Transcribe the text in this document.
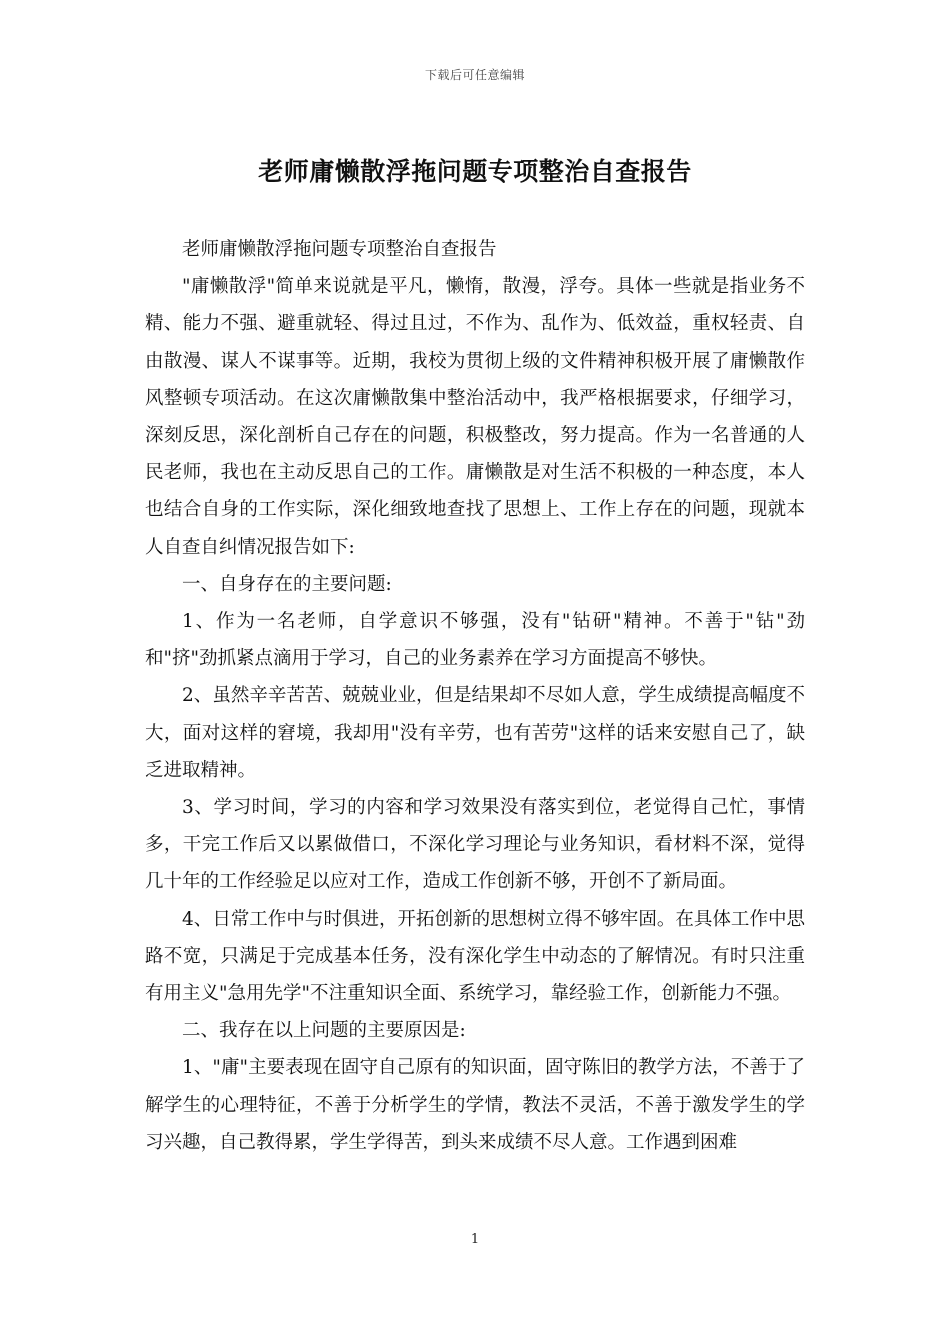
下载后可任意编辑
老师庸懒散浮拖问题专项整治自查报告

老师庸懒散浮拖问题专项整治自查报告

"庸懒散浮"简单来说就是平凡，懒惰，散漫，浮夸。具体一些就是指业务不精、能力不强、避重就轻、得过且过，不作为、乱作为、低效益，重权轻责、自由散漫、谋人不谋事等。近期，我校为贯彻上级的文件精神积极开展了庸懒散作风整顿专项活动。在这次庸懒散集中整治活动中，我严格根据要求，仔细学习，深刻反思，深化剖析自己存在的问题，积极整改，努力提高。作为一名普通的人民老师，我也在主动反思自己的工作。庸懒散是对生活不积极的一种态度，本人也结合自身的工作实际，深化细致地查找了思想上、工作上存在的问题，现就本人自查自纠情况报告如下:

一、自身存在的主要问题:

1、作为一名老师，自学意识不够强，没有"钻研"精神。不善于"钻"劲和"挤"劲抓紧点滴用于学习，自己的业务素养在学习方面提高不够快。

2、虽然辛辛苦苦、兢兢业业，但是结果却不尽如人意，学生成绩提高幅度不大，面对这样的窘境，我却用"没有辛劳，也有苦劳"这样的话来安慰自己了，缺乏进取精神。

3、学习时间，学习的内容和学习效果没有落实到位，老觉得自己忙，事情多，干完工作后又以累做借口，不深化学习理论与业务知识，看材料不深，觉得几十年的工作经验足以应对工作，造成工作创新不够，开创不了新局面。

4、日常工作中与时俱进，开拓创新的思想树立得不够牢固。在具体工作中思路不宽，只满足于完成基本任务，没有深化学生中动态的了解情况。有时只注重有用主义"急用先学"不注重知识全面、系统学习，靠经验工作，创新能力不强。

二、我存在以上问题的主要原因是:

1、"庸"主要表现在固守自己原有的知识面，固守陈旧的教学方法，不善于了解学生的心理特征，不善于分析学生的学情，教法不灵活，不善于激发学生的学习兴趣，自己教得累，学生学得苦，到头来成绩不尽人意。工作遇到困难

1
